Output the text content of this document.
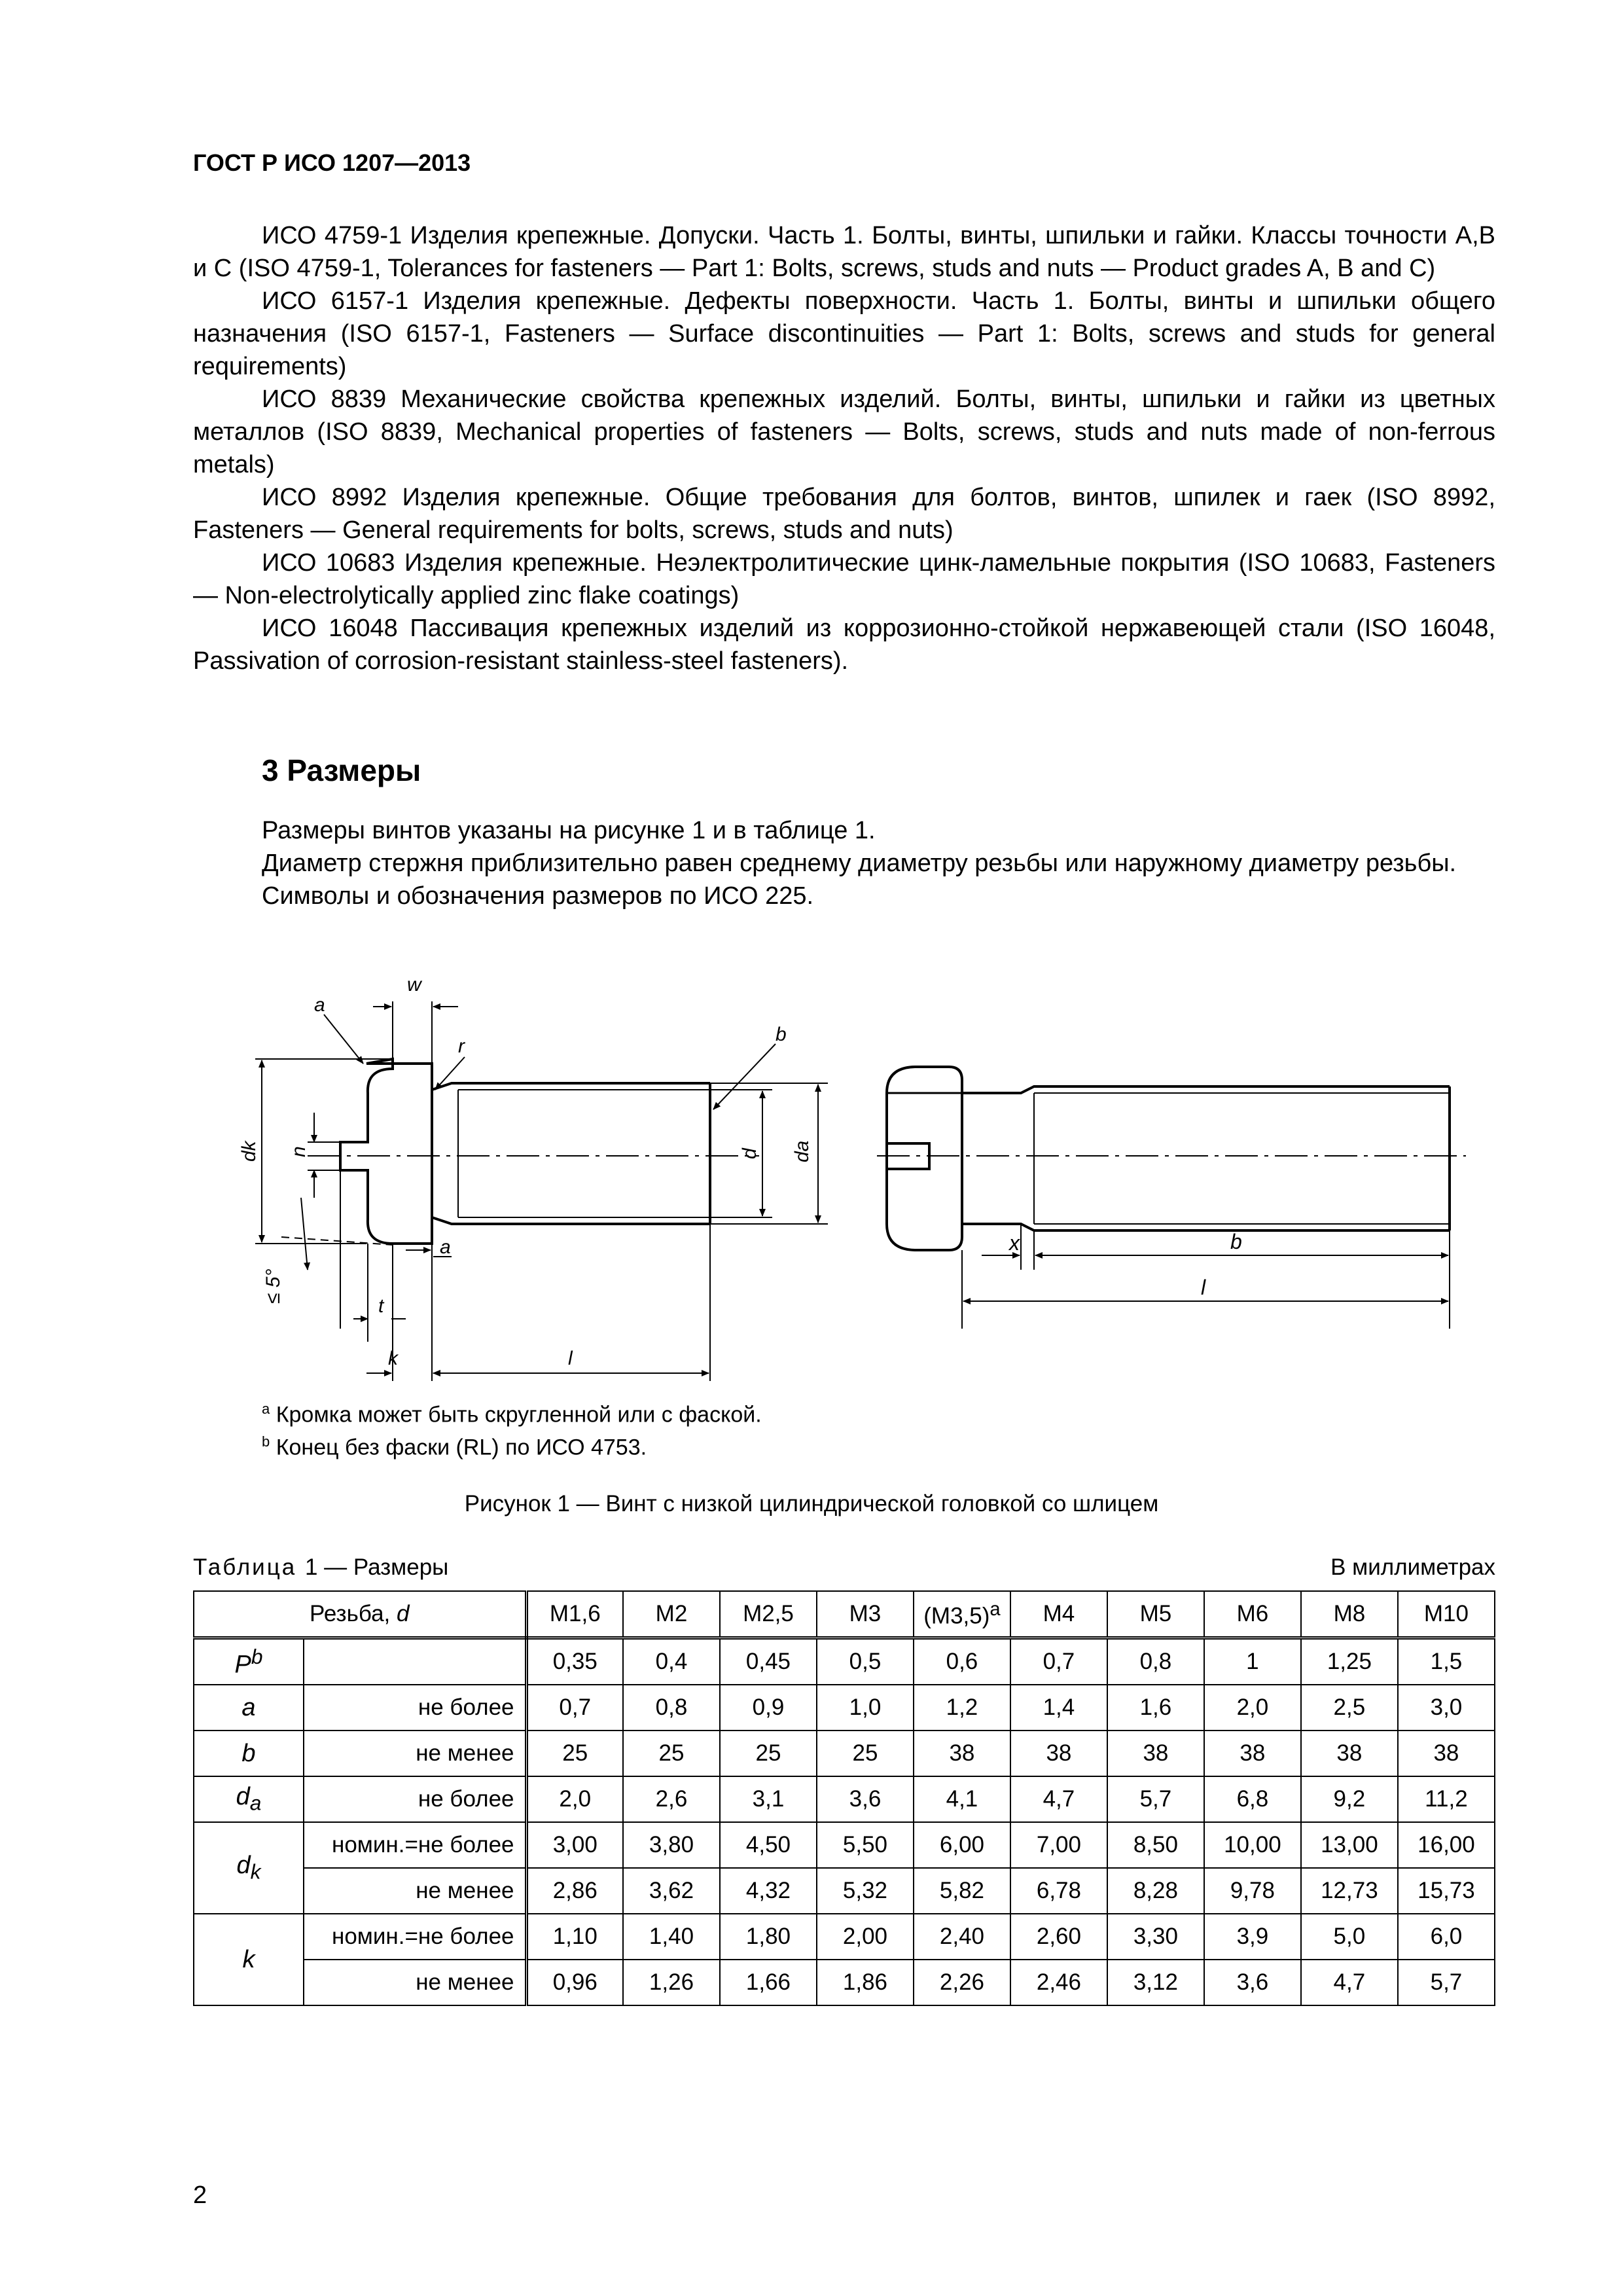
ГОСТ Р ИСО 1207—2013

ИСО 4759-1 Изделия крепежные. Допуски. Часть 1. Болты, винты, шпильки и гайки. Классы точности А,В и С (ISO 4759-1, Tolerances for fasteners — Part 1: Bolts, screws, studs and nuts — Product grades A, B and C)

ИСО 6157-1 Изделия крепежные. Дефекты поверхности. Часть 1. Болты, винты и шпильки общего назначения (ISO 6157-1, Fasteners — Surface discontinuities — Part 1: Bolts, screws and studs for general requirements)

ИСО 8839 Механические свойства крепежных изделий. Болты, винты, шпильки и гайки из цветных металлов (ISO 8839, Mechanical properties of fasteners — Bolts, screws, studs and nuts made of non-ferrous metals)

ИСО 8992 Изделия крепежные. Общие требования для болтов, винтов, шпилек и гаек (ISO 8992, Fasteners — General requirements for bolts, screws, studs and nuts)

ИСО 10683 Изделия крепежные. Неэлектролитические цинк-ламельные покрытия (ISO 10683, Fasteners — Non-electrolytically applied zinc flake coatings)

ИСО 16048 Пассивация крепежных изделий из коррозионно-стойкой нержавеющей стали (ISO 16048, Passivation of corrosion-resistant stainless-steel fasteners).

3 Размеры

Размеры винтов указаны на рисунке 1 и в таблице 1.

Диаметр стержня приблизительно равен среднему диаметру резьбы или наружному диаметру резьбы.

Символы и обозначения размеров по ИСО 225.

w
a
r
b
dk n	d da
a
≤ 5°
t
k	l
x	b
l
$^a$ Кромка может быть скругленной или с фаской.
$^b$ Конец без фаски (RL) по ИСО 4753.
Рисунок 1 — Винт с низкой цилиндрической головкой со шлицем
Таблица 1 — Размеры	В миллиметрах
Резьба, d		M1,6	M2	M2,5	M3	$(M3,5)^a$	M4	M5	M6	M8	M10
$P^b$		0,35	0,4	0,45	0,5	0,6	0,7	0,8	1	1,25	1,5
a	не более	0,7	0,8	0,9	1,0	1,2	1,4	1,6	2,0	2,5	3,0
b	не менее	25	25	25	25	38	38	38	38	38	38
$d_a$	не более	2,0	2,6	3,1	3,6	4,1	4,7	5,7	6,8	9,2	11,2
$d_k$	номин.=не более	3,00	3,80	4,50	5,50	6,00	7,00	8,50	10,00	13,00	16,00
	не менее	2,86	3,62	4,32	5,32	5,82	6,78	8,28	9,78	12,73	15,73
k	номин.=не более	1,10	1,40	1,80	2,00	2,40	2,60	3,30	3,9	5,0	6,0
	не менее	0,96	1,26	1,66	1,86	2,26	2,46	3,12	3,6	4,7	5,7
2
